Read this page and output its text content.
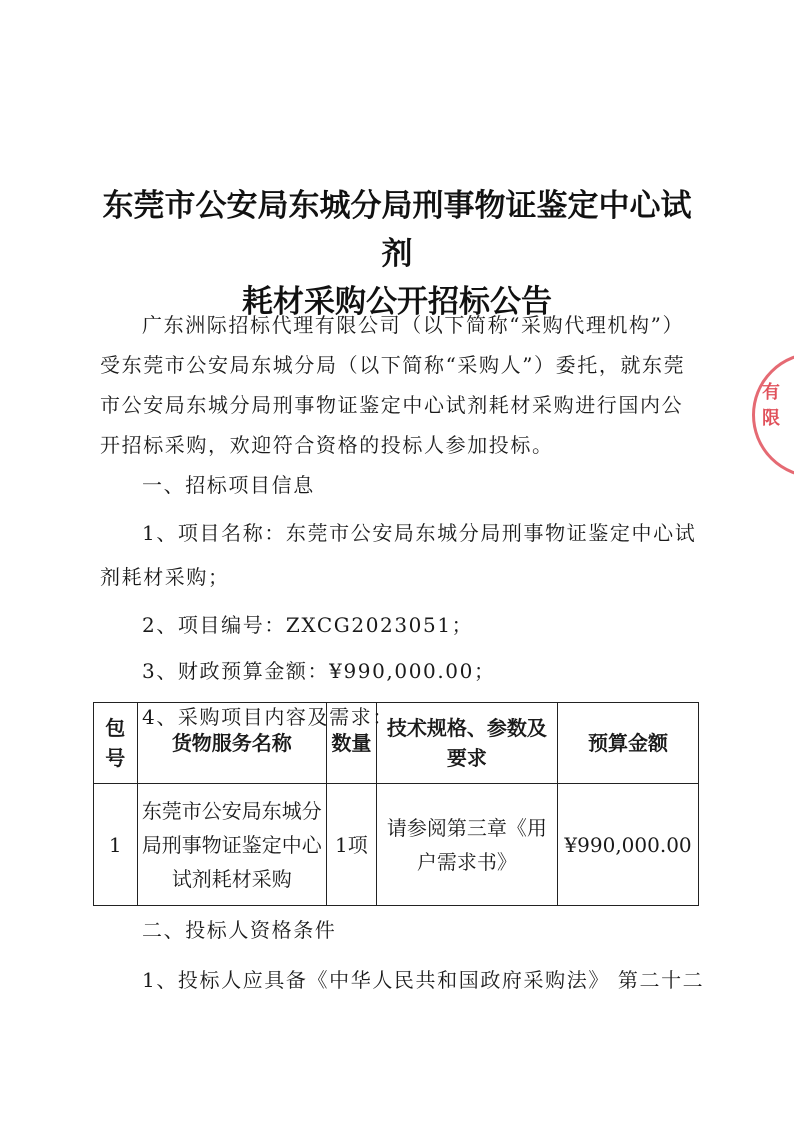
东莞市公安局东城分局刑事物证鉴定中心试剂
耗材采购公开招标公告
广东洲际招标代理有限公司（以下简称“采购代理机构”）
受东莞市公安局东城分局（以下简称“采购人”）委托，就东莞
市公安局东城分局刑事物证鉴定中心试剂耗材采购进行国内公
开招标采购，欢迎符合资格的投标人参加投标。
一、招标项目信息
1、项目名称：东莞市公安局东城分局刑事物证鉴定中心试
剂耗材采购；
2、项目编号：ZXCG2023051；
3、财政预算金额：¥990,000.00；
4、采购项目内容及需求：
包号	货物服务名称	数量	技术规格、参数及要求	预算金额
1	东莞市公安局东城分局刑事物证鉴定中心试剂耗材采购	1项	请参阅第三章《用户需求书》	¥990,000.00
二、投标人资格条件
1、投标人应具备《中华人民共和国政府采购法》 第二十二
有限
